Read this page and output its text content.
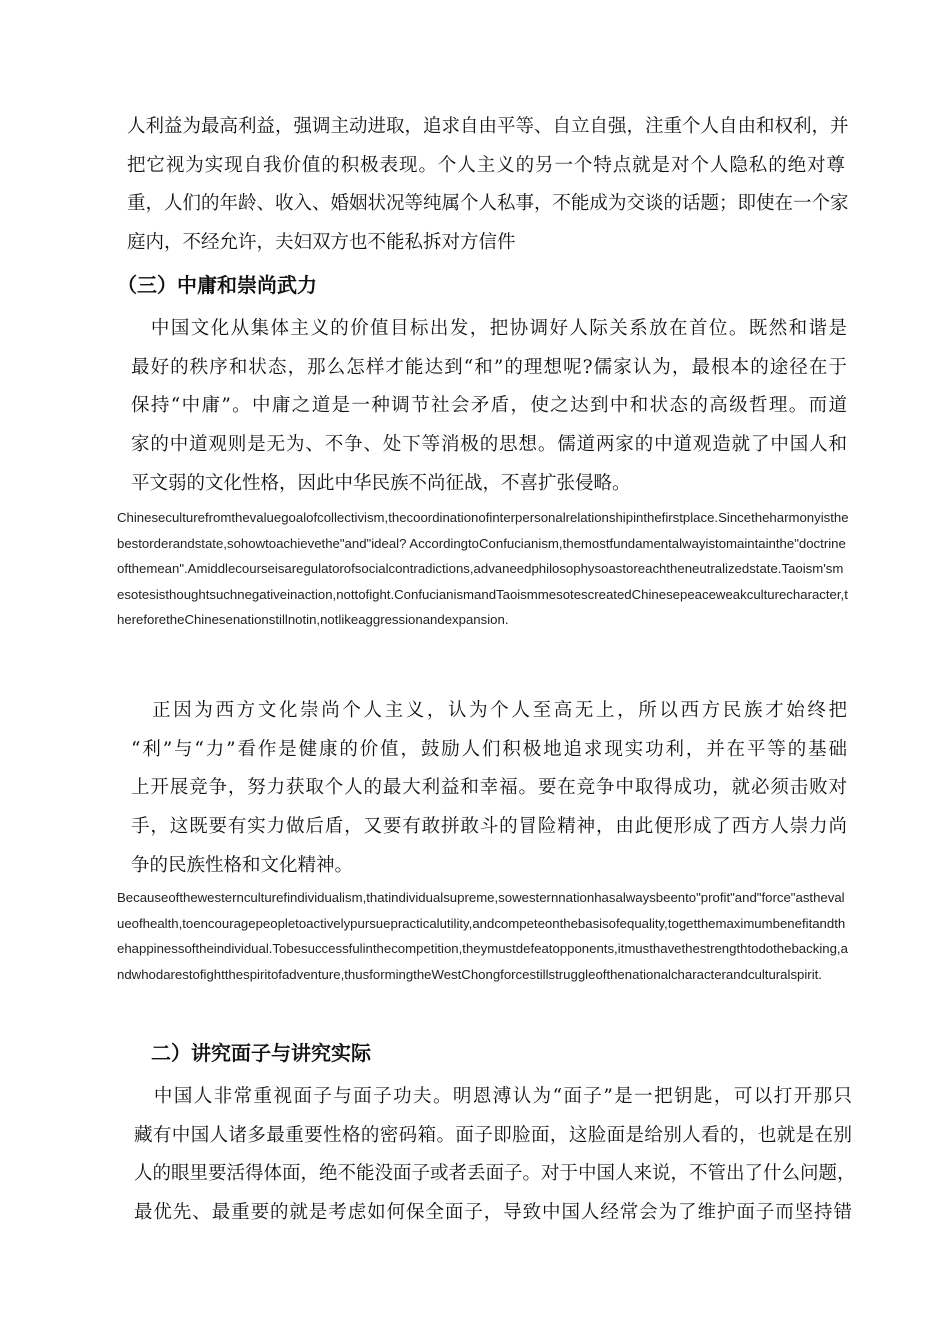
人利益为最高利益，强调主动进取，追求自由平等、自立自强，注重个人自由和权利，并
把它视为实现自我价值的积极表现。个人主义的另一个特点就是对个人隐私的绝对尊
重，人们的年龄、收入、婚姻状况等纯属个人私事，不能成为交谈的话题；即使在一个家
庭内，不经允许，夫妇双方也不能私拆对方信件
（三）中庸和崇尚武力
　中国文化从集体主义的价值目标出发，把协调好人际关系放在首位。既然和谐是
最好的秩序和状态，那么怎样才能达到“和”的理想呢?儒家认为，最根本的途径在于
保持“中庸”。中庸之道是一种调节社会矛盾，使之达到中和状态的高级哲理。而道
家的中道观则是无为、不争、处下等消极的思想。儒道两家的中道观造就了中国人和
平文弱的文化性格，因此中华民族不尚征战，不喜扩张侵略。

Chineseculturefromthevaluegoalofcollectivism,thecoordinationofinterpersonalrelationshipinthefirstplace.Sincetheharmonyisthebestorderandstate,sohowtoachievethe"and"ideal? AccordingtoConfucianism,themostfundamentalwayistomaintainthe"doctrineofthemean".Amiddlecourseisaregulatorofsocialcontradictions,advaneedphilosophysoastoreachtheneutralizedstate.Taoism'smesotesisthoughtsuchnegativeinaction,nottofight.ConfucianismandTaoismmesotescreatedChinesepeaceweakculturecharacter,thereforetheChinesenationstillnotin,notlikeaggressionandexpansion.

　正因为西方文化崇尚个人主义，认为个人至高无上，所以西方民族才始终把
“利”与“力”看作是健康的价值，鼓励人们积极地追求现实功利，并在平等的基础
上开展竞争，努力获取个人的最大利益和幸福。要在竞争中取得成功，就必须击败对
手，这既要有实力做后盾，又要有敢拼敢斗的冒险精神，由此便形成了西方人崇力尚
争的民族性格和文化精神。

Becauseofthewesternculturefindividualism,thatindividualsupreme,sowesternnationhasalwaysbeento"profit"and"force"asthevalueofhealth,toencouragepeopletoactivelypursuepracticalutility,andcompeteonthebasisofequality,togetthemaximumbenefitandthehappinessoftheindividual.Tobesuccessfulinthecompetition,theymustdefeatopponents,itmusthavethestrengthtodothebacking,andwhodarestofightthespiritofadventure,thusformingtheWestChongforcestillstruggleofthenationalcharacterandculturalspirit.

二）讲究面子与讲究实际
　中国人非常重视面子与面子功夫。明恩溥认为“面子”是一把钥匙，可以打开那只
藏有中国人诸多最重要性格的密码箱。面子即脸面，这脸面是给别人看的，也就是在别
人的眼里要活得体面，绝不能没面子或者丢面子。对于中国人来说，不管出了什么问题，
最优先、最重要的就是考虑如何保全面子，导致中国人经常会为了维护面子而坚持错
